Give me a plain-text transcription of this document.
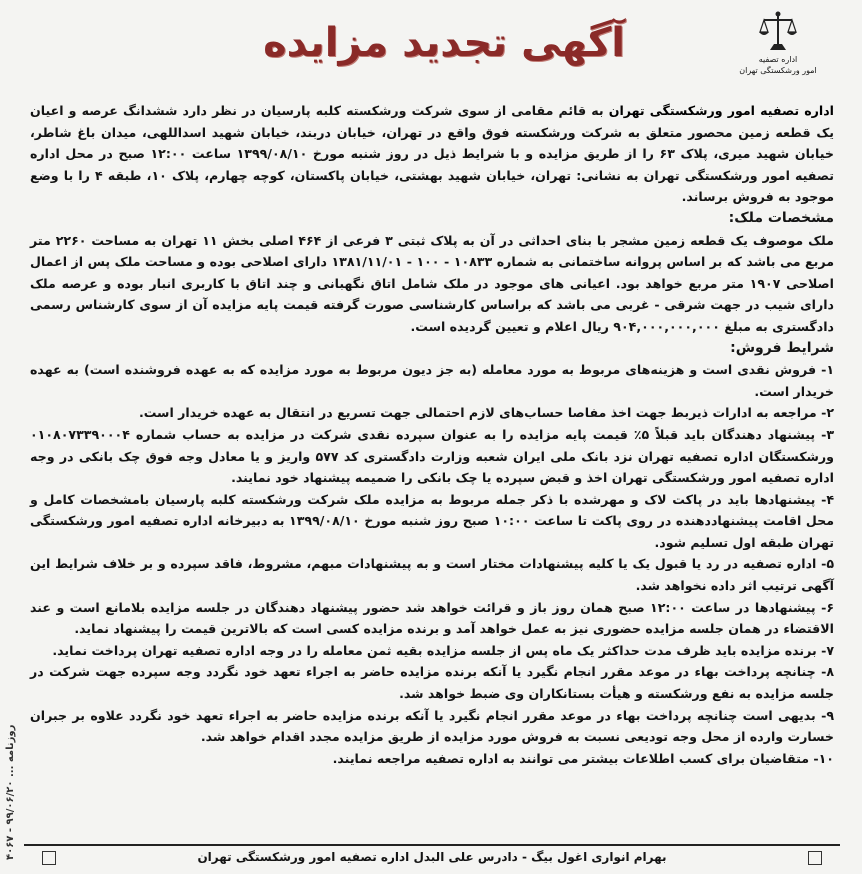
روزنامه ... ۹۹/۰۶/۲۰ - ۴۰۶۷
آگهی تجدید مزایده	اداره تصفیه
امور ورشکستگی تهران

اداره تصفیه امور ورشکستگی تهران به قائم مقامی از سوی شرکت ورشکسته کلبه پارسیان در نظر دارد ششدانگ عرصه و اعیان یک قطعه زمین محصور متعلق به شرکت ورشکسته فوق واقع در تهران، خیابان دربند، خیابان شهید اسداللهی، میدان باغ شاطر، خیابان شهید میری، پلاک ۶۳ را از طریق مزایده و با شرایط ذیل در روز شنبه مورخ ۱۳۹۹/۰۸/۱۰ ساعت ۱۲:۰۰ صبح در محل اداره تصفیه امور ورشکستگی تهران به نشانی: تهران، خیابان شهید بهشتی، خیابان پاکستان، کوچه چهارم، پلاک ۱۰، طبقه ۴ را با وضع موجود به فروش برساند.

مشخصات ملک:

ملک موصوف یک قطعه زمین مشجر با بنای احداثی در آن به پلاک ثبتی ۳ فرعی از ۴۶۴ اصلی بخش ۱۱ تهران به مساحت ۲۲۶۰ متر مربع می باشد که بر اساس پروانه ساختمانی به شماره ۱۰۸۳۳ - ۱۰۰ - ۱۳۸۱/۱۱/۰۱ دارای اصلاحی بوده و مساحت ملک پس از اعمال اصلاحی ۱۹۰۷ متر مربع خواهد بود. اعیانی های موجود در ملک شامل اتاق نگهبانی و چند اتاق با کاربری انبار بوده و عرصه ملک دارای شیب در جهت شرقی - غربی می باشد که براساس کارشناسی صورت گرفته قیمت پایه مزایده آن از سوی کارشناس رسمی دادگستری به مبلغ ۹۰۴,۰۰۰,۰۰۰,۰۰۰ ریال اعلام و تعیین گردیده است.

شرایط فروش:

۱- فروش نقدی است و هزینه‌های مربوط به مورد معامله (به جز دیون مربوط به مورد مزایده که به عهده فروشنده است) به عهده خریدار است.

۲- مراجعه به ادارات ذیربط جهت اخذ مفاصا حساب‌های لازم احتمالی جهت تسریع در انتقال به عهده خریدار است.

۳- پیشنهاد دهندگان باید قبلاً ۵٪ قیمت پایه مزایده را به عنوان سپرده نقدی شرکت در مزایده به حساب شماره ۰۱۰۸۰۷۳۳۹۰۰۰۴ ورشکستگان اداره تصفیه تهران نزد بانک ملی ایران شعبه وزارت دادگستری کد ۵۷۷ واریز و یا معادل وجه فوق چک بانکی در وجه اداره تصفیه امور ورشکستگی تهران اخذ و قبض سپرده یا چک بانکی را ضمیمه پیشنهاد خود نمایند.

۴- پیشنهادها باید در پاکت لاک و مهرشده با ذکر جمله مربوط به مزایده ملک شرکت ورشکسته کلبه پارسیان بامشخصات کامل و محل اقامت پیشنهاددهنده در روی پاکت تا ساعت ۱۰:۰۰ صبح روز شنبه مورخ ۱۳۹۹/۰۸/۱۰ به دبیرخانه اداره تصفیه امور ورشکستگی تهران طبقه اول تسلیم شود.

۵- اداره تصفیه در رد یا قبول یک یا کلیه پیشنهادات مختار است و به پیشنهادات مبهم، مشروط، فاقد سپرده و بر خلاف شرایط این آگهی ترتیب اثر داده نخواهد شد.

۶- پیشنهادها در ساعت ۱۲:۰۰ صبح همان روز باز و قرائت خواهد شد حضور پیشنهاد دهندگان در جلسه مزایده بلامانع است و عند الاقتضاء در همان جلسه مزایده حضوری نیز به عمل خواهد آمد و برنده مزایده کسی است که بالاترین قیمت را پیشنهاد نماید.

۷- برنده مزایده باید ظرف مدت حداکثر یک ماه پس از جلسه مزایده بقیه ثمن معامله را در وجه اداره تصفیه تهران پرداخت نماید.

۸- چنانچه پرداخت بهاء در موعد مقرر انجام نگیرد یا آنکه برنده مزایده حاضر به اجراء تعهد خود نگردد وجه سپرده جهت شرکت در جلسه مزایده به نفع ورشکسته و هیأت بستانکاران وی ضبط خواهد شد.

۹- بدیهی است چنانچه پرداخت بهاء در موعد مقرر انجام نگیرد یا آنکه برنده مزایده حاضر به اجراء تعهد خود نگردد علاوه بر جبران خسارت وارده از محل وجه تودیعی نسبت به فروش مورد مزایده از طریق مزایده مجدد اقدام خواهد شد.

۱۰- متقاضیان برای کسب اطلاعات بیشتر می توانند به اداره تصفیه مراجعه نمایند.

بهرام انواری اغول بیگ - دادرس علی البدل اداره تصفیه امور ورشکستگی تهران
